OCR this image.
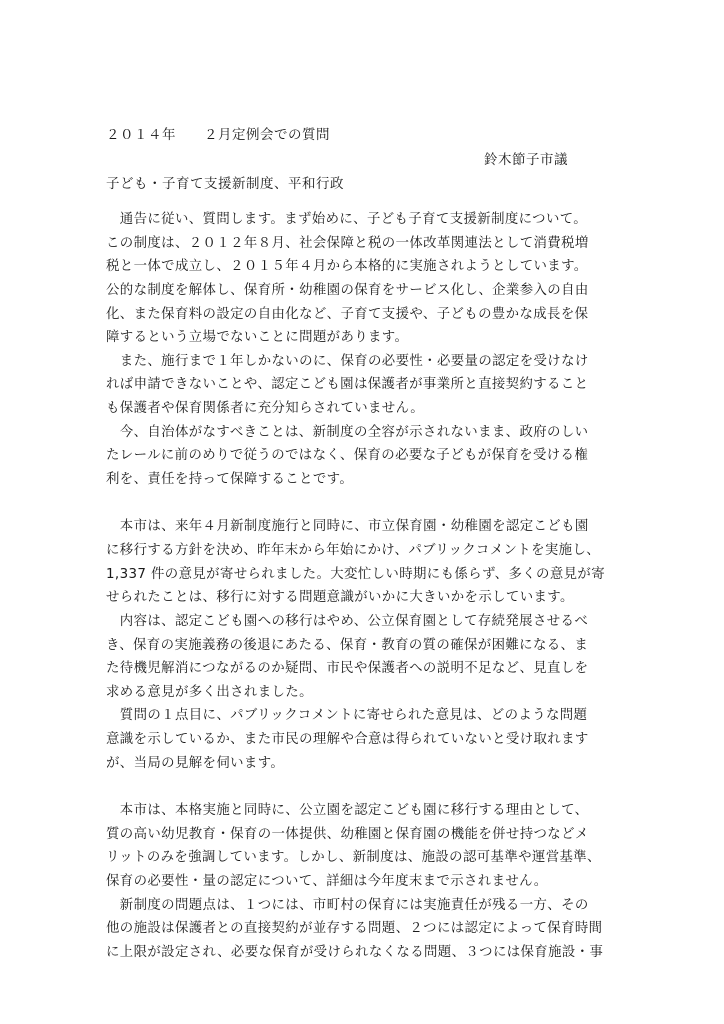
２０１４年　　２月定例会での質問
鈴木節子市議
子ども・子育て支援新制度、平和行政
　通告に従い、質問します。まず始めに、子ども子育て支援新制度について。
この制度は、２０１２年８月、社会保障と税の一体改革関連法として消費税増
税と一体で成立し、２０１５年４月から本格的に実施されようとしています。
公的な制度を解体し、保育所・幼稚園の保育をサービス化し、企業参入の自由
化、また保育料の設定の自由化など、子育て支援や、子どもの豊かな成長を保
障するという立場でないことに問題があります。
　また、施行まで１年しかないのに、保育の必要性・必要量の認定を受けなけ
れば申請できないことや、認定こども園は保護者が事業所と直接契約すること
も保護者や保育関係者に充分知らされていません。
　今、自治体がなすべきことは、新制度の全容が示されないまま、政府のしい
たレールに前のめりで従うのではなく、保育の必要な子どもが保育を受ける権
利を、責任を持って保障することです。
　本市は、来年４月新制度施行と同時に、市立保育園・幼稚園を認定こども園
に移行する方針を決め、昨年末から年始にかけ、パブリックコメントを実施し、
1,337 件の意見が寄せられました。大変忙しい時期にも係らず、多くの意見が寄
せられたことは、移行に対する問題意識がいかに大きいかを示しています。
　内容は、認定こども園への移行はやめ、公立保育園として存続発展させるべ
き、保育の実施義務の後退にあたる、保育・教育の質の確保が困難になる、ま
た待機児解消につながるのか疑問、市民や保護者への説明不足など、見直しを
求める意見が多く出されました。
　質問の１点目に、パブリックコメントに寄せられた意見は、どのような問題
意識を示しているか、また市民の理解や合意は得られていないと受け取れます
が、当局の見解を伺います。
　本市は、本格実施と同時に、公立園を認定こども園に移行する理由として、
質の高い幼児教育・保育の一体提供、幼稚園と保育園の機能を併せ持つなどメ
リットのみを強調しています。しかし、新制度は、施設の認可基準や運営基準、
保育の必要性・量の認定について、詳細は今年度末まで示されません。
　新制度の問題点は、１つには、市町村の保育には実施責任が残る一方、その
他の施設は保護者との直接契約が並存する問題、２つには認定によって保育時間
に上限が設定され、必要な保育が受けられなくなる問題、３つには保育施設・事
